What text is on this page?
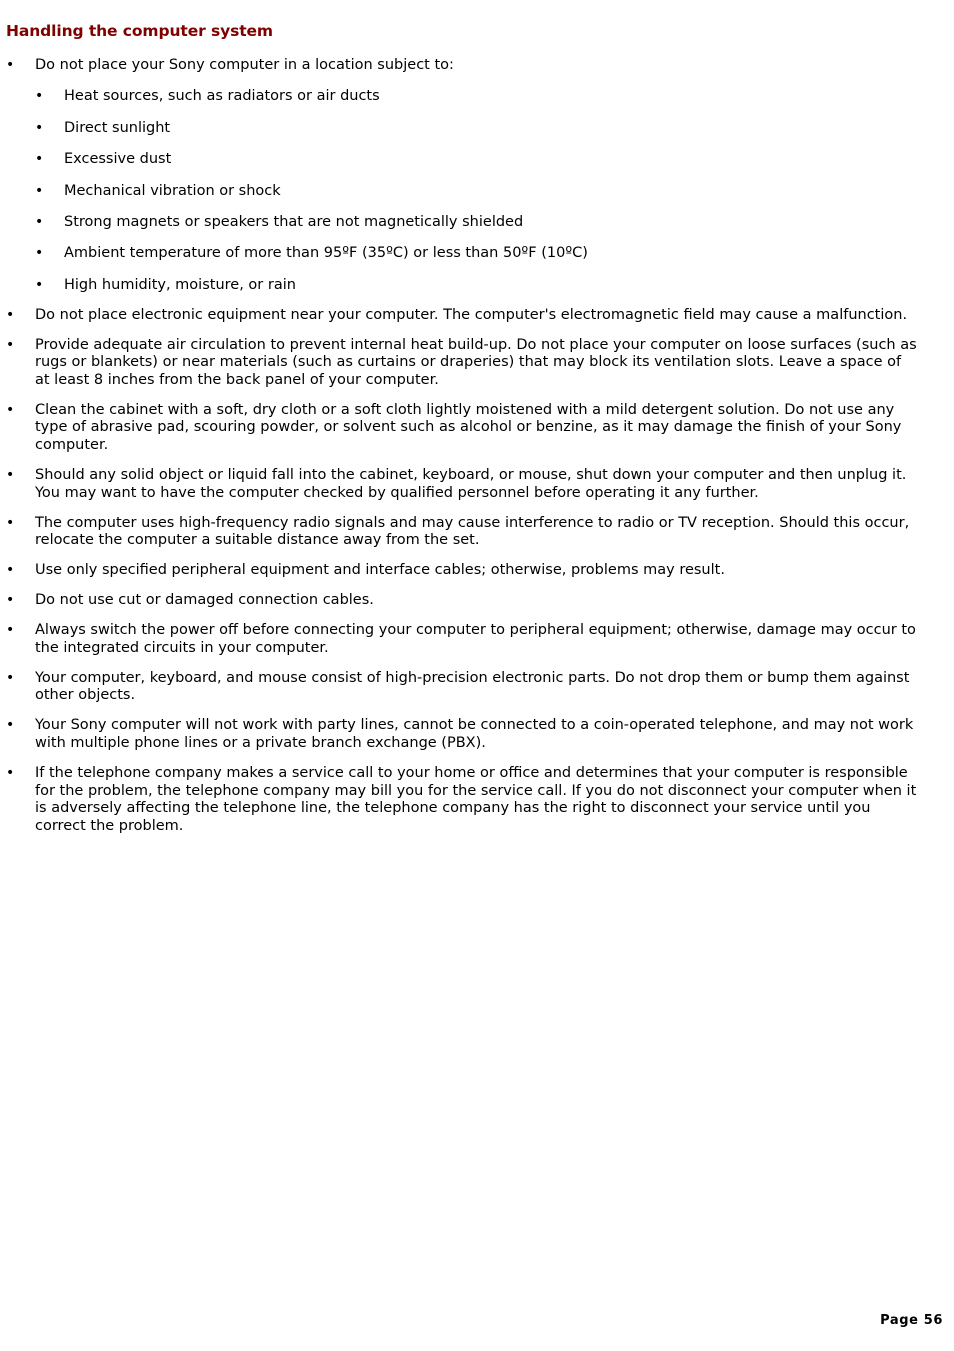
Handling the computer system
• Do not place your Sony computer in a location subject to:
• Heat sources, such as radiators or air ducts
• Direct sunlight
• Excessive dust
• Mechanical vibration or shock
• Strong magnets or speakers that are not magnetically shielded
• Ambient temperature of more than 95ºF (35ºC) or less than 50ºF (10ºC)
• High humidity, moisture, or rain
• Do not place electronic equipment near your computer. The computer's electromagnetic field may cause a malfunction.
• Provide adequate air circulation to prevent internal heat build-up. Do not place your computer on loose surfaces (such as rugs or blankets) or near materials (such as curtains or draperies) that may block its ventilation slots. Leave a space of at least 8 inches from the back panel of your computer.
• Clean the cabinet with a soft, dry cloth or a soft cloth lightly moistened with a mild detergent solution. Do not use any type of abrasive pad, scouring powder, or solvent such as alcohol or benzine, as it may damage the finish of your Sony computer.
• Should any solid object or liquid fall into the cabinet, keyboard, or mouse, shut down your computer and then unplug it. You may want to have the computer checked by qualified personnel before operating it any further.
• The computer uses high-frequency radio signals and may cause interference to radio or TV reception. Should this occur, relocate the computer a suitable distance away from the set.
• Use only specified peripheral equipment and interface cables; otherwise, problems may result.
• Do not use cut or damaged connection cables.
• Always switch the power off before connecting your computer to peripheral equipment; otherwise, damage may occur to the integrated circuits in your computer.
• Your computer, keyboard, and mouse consist of high-precision electronic parts. Do not drop them or bump them against other objects.
• Your Sony computer will not work with party lines, cannot be connected to a coin-operated telephone, and may not work with multiple phone lines or a private branch exchange (PBX).
• If the telephone company makes a service call to your home or office and determines that your computer is responsible for the problem, the telephone company may bill you for the service call. If you do not disconnect your computer when it is adversely affecting the telephone line, the telephone company has the right to disconnect your service until you correct the problem.
Page 56
